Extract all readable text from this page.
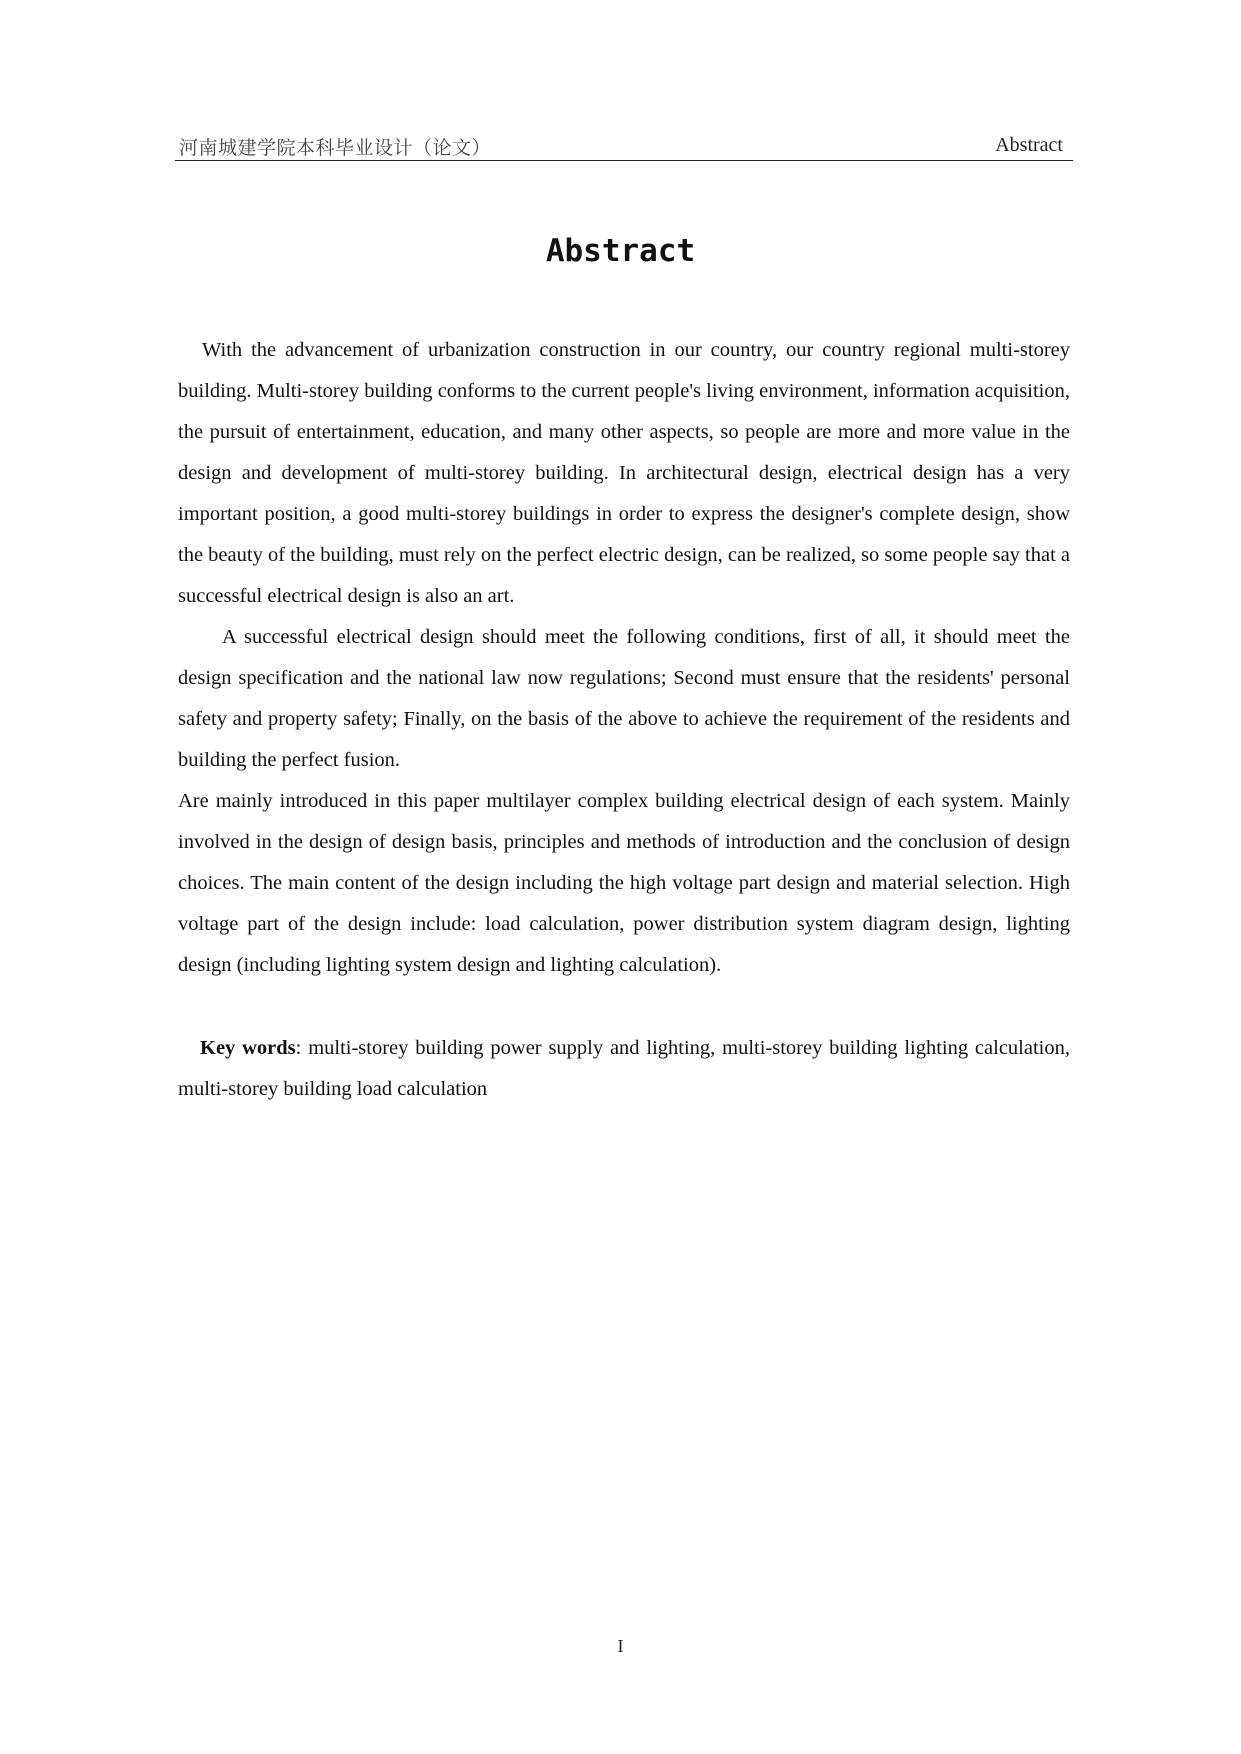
河南城建学院本科毕业设计（论文）	Abstract
Abstract

With the advancement of urbanization construction in our country, our country regional multi-storey building. Multi-storey building conforms to the current people's living environment, information acquisition, the pursuit of entertainment, education, and many other aspects, so people are more and more value in the design and development of multi-storey building. In architectural design, electrical design has a very important position, a good multi-storey buildings in order to express the designer's complete design, show the beauty of the building, must rely on the perfect electric design, can be realized, so some people say that a successful electrical design is also an art.

A successful electrical design should meet the following conditions, first of all, it should meet the design specification and the national law now regulations; Second must ensure that the residents' personal safety and property safety; Finally, on the basis of the above to achieve the requirement of the residents and building the perfect fusion.

Are mainly introduced in this paper multilayer complex building electrical design of each system. Mainly involved in the design of design basis, principles and methods of introduction and the conclusion of design choices. The main content of the design including the high voltage part design and material selection. High voltage part of the design include: load calculation, power distribution system diagram design, lighting design (including lighting system design and lighting calculation).

Key words: multi-storey building power supply and lighting, multi-storey building lighting calculation, multi-storey building load calculation
I
